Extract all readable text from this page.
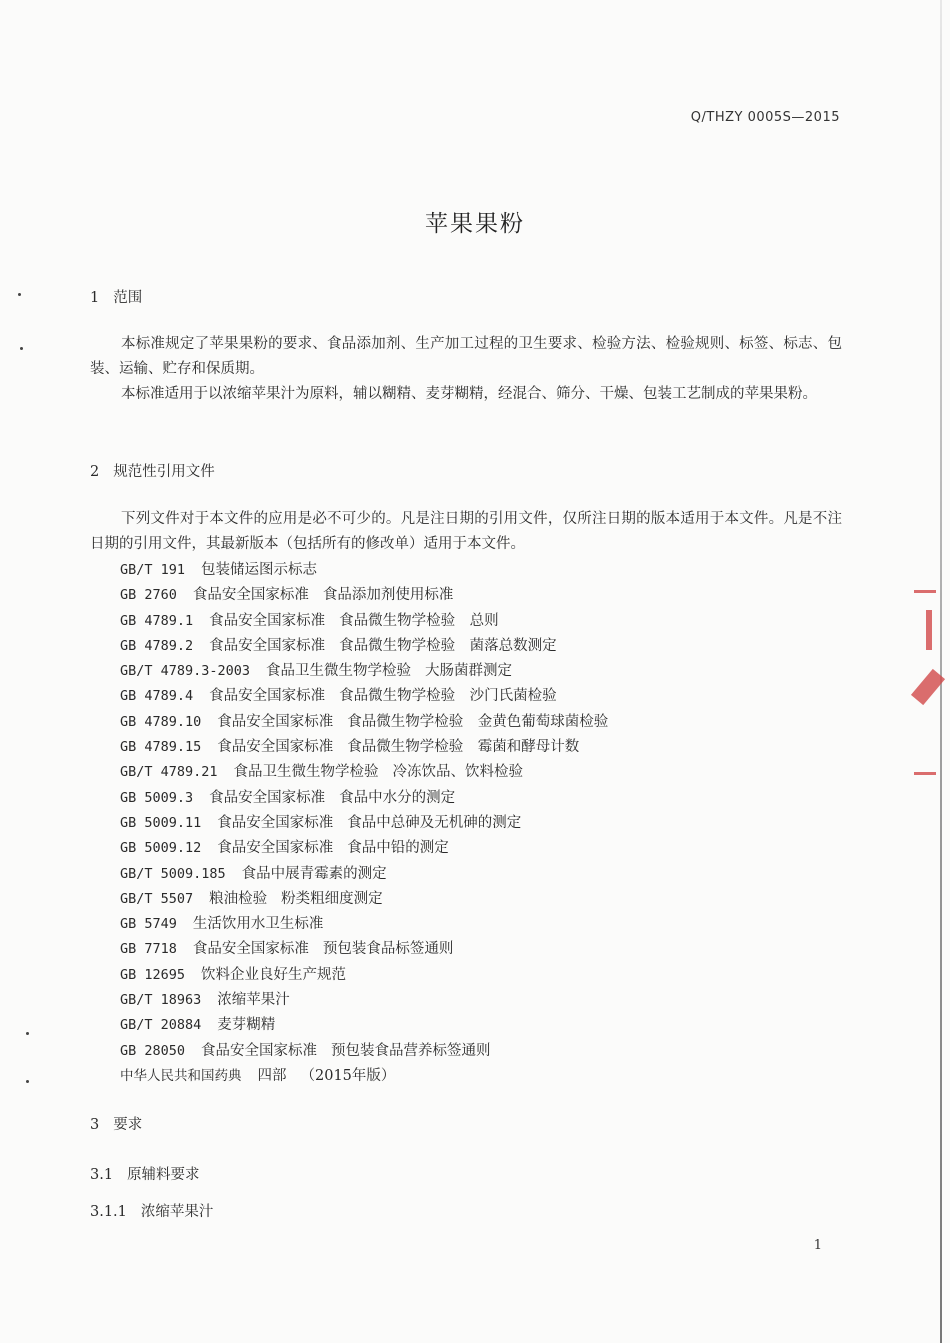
Q/THZY 0005S—2015
苹果果粉
1 范围
本标准规定了苹果果粉的要求、食品添加剂、生产加工过程的卫生要求、检验方法、检验规则、标签、标志、包装、运输、贮存和保质期。
本标准适用于以浓缩苹果汁为原料，辅以糊精、麦芽糊精，经混合、筛分、干燥、包装工艺制成的苹果果粉。
2 规范性引用文件
下列文件对于本文件的应用是必不可少的。凡是注日期的引用文件，仅所注日期的版本适用于本文件。凡是不注日期的引用文件，其最新版本（包括所有的修改单）适用于本文件。
GB/T 191 包装储运图示标志
GB 2760 食品安全国家标准 食品添加剂使用标准
GB 4789.1 食品安全国家标准 食品微生物学检验　总则
GB 4789.2 食品安全国家标准 食品微生物学检验　菌落总数测定
GB/T 4789.3-2003 食品卫生微生物学检验 大肠菌群测定
GB 4789.4 食品安全国家标准 食品微生物学检验　沙门氏菌检验
GB 4789.10 食品安全国家标准 食品微生物学检验　金黄色葡萄球菌检验
GB 4789.15 食品安全国家标准 食品微生物学检验　霉菌和酵母计数
GB/T 4789.21 食品卫生微生物学检验 冷冻饮品、饮料检验
GB 5009.3 食品安全国家标准 食品中水分的测定
GB 5009.11 食品安全国家标准 食品中总砷及无机砷的测定
GB 5009.12 食品安全国家标准 食品中铅的测定
GB/T 5009.185 食品中展青霉素的测定
GB/T 5507 粮油检验 粉类粗细度测定
GB 5749 生活饮用水卫生标准
GB 7718 食品安全国家标准 预包装食品标签通则
GB 12695 饮料企业良好生产规范
GB/T 18963 浓缩苹果汁
GB/T 20884 麦芽糊精
GB 28050 食品安全国家标准 预包装食品营养标签通则
中华人民共和国药典 四部 （2015年版）
3 要求
3.1 原辅料要求
3.1.1 浓缩苹果汁
1
